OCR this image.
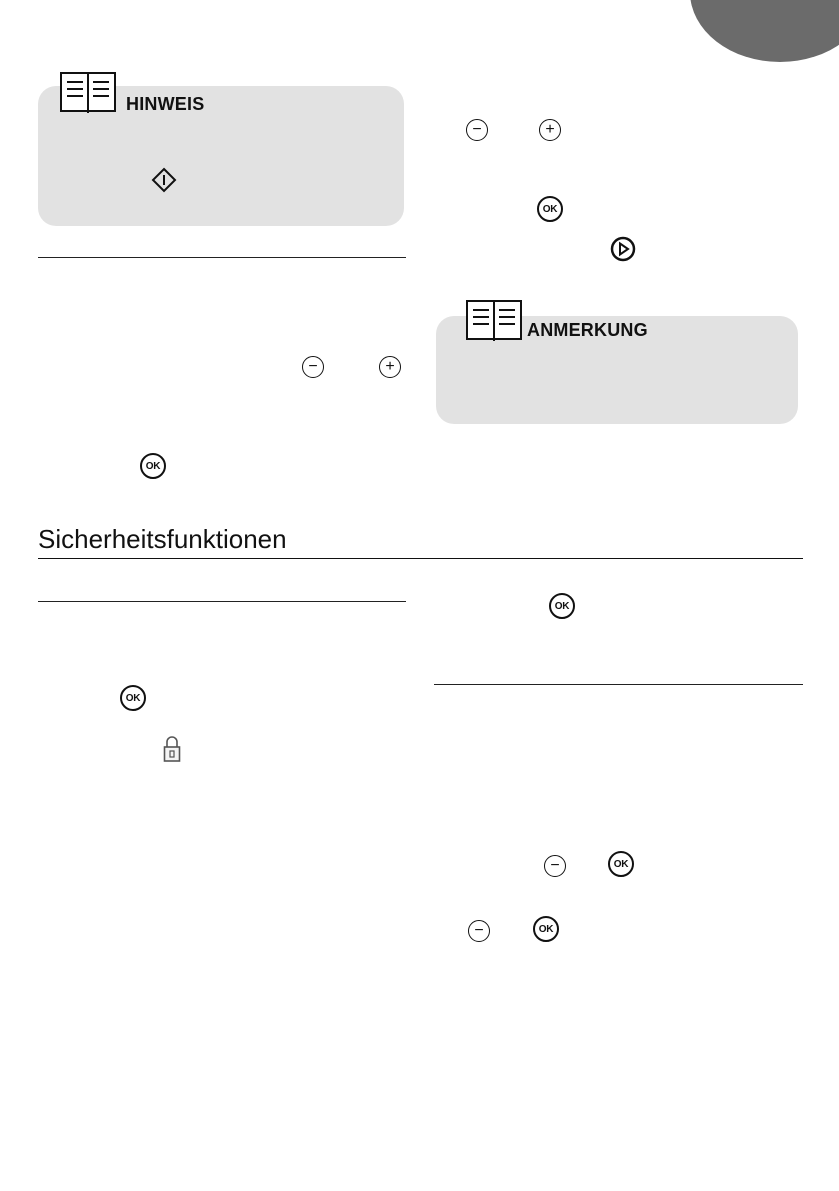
HINWEIS
−	+
OK
−	+
OK
ANMERKUNG
Sicherheitsfunktionen
OK
OK
−	OK
−	OK
